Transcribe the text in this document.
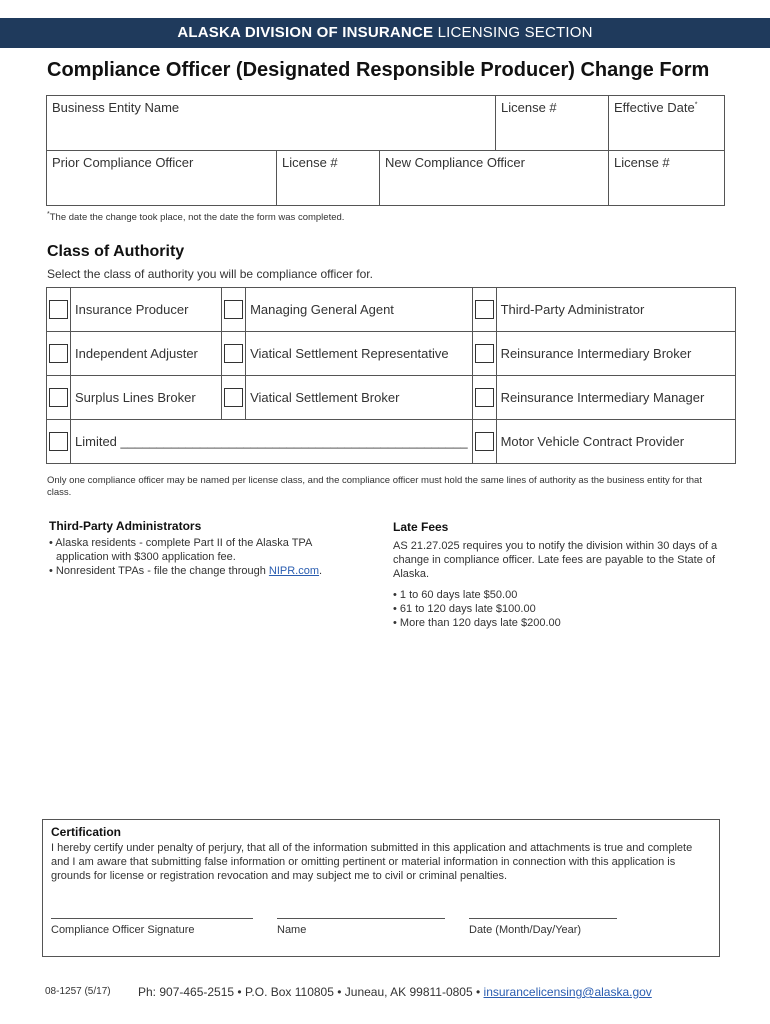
ALASKA DIVISION OF INSURANCE LICENSING SECTION
Compliance Officer (Designated Responsible Producer) Change Form
Business Entity Name			License #	Effective Date*
Prior Compliance Officer	License #	New Compliance Officer		License #
*The date the change took place, not the date the form was completed.
Class of Authority
Select the class of authority you will be compliance officer for.
	Insurance Producer		Managing General Agent		Third-Party Administrator
	Independent Adjuster		Viatical Settlement Representative		Reinsurance Intermediary Broker
	Surplus Lines Broker		Viatical Settlement Broker		Reinsurance Intermediary Manager
	Limited ________________________________________________				Motor Vehicle Contract Provider
Only one compliance officer may be named per license class, and the compliance officer must hold the same lines of authority as the business entity for that class.
Third-Party Administrators
• Alaska residents - complete Part II of the Alaska TPA
application with $300 application fee.
• Nonresident TPAs - file the change through NIPR.com.
Late Fees
AS 21.27.025 requires you to notify the division within 30 days of a change in compliance officer. Late fees are payable to the State of Alaska.
• 1 to 60 days late $50.00
• 61 to 120 days late $100.00
• More than 120 days late $200.00
Certification
I hereby certify under penalty of perjury, that all of the information submitted in this application and attachments is true and complete and I am aware that submitting false information or omitting pertinent or material information in connection with this application is grounds for license or registration revocation and may subject me to civil or criminal penalties.
Compliance Officer Signature	Name	Date (Month/Day/Year)
08-1257 (5/17) Ph: 907-465-2515 • P.O. Box 110805 • Juneau, AK 99811-0805 • insurancelicensing@alaska.gov
